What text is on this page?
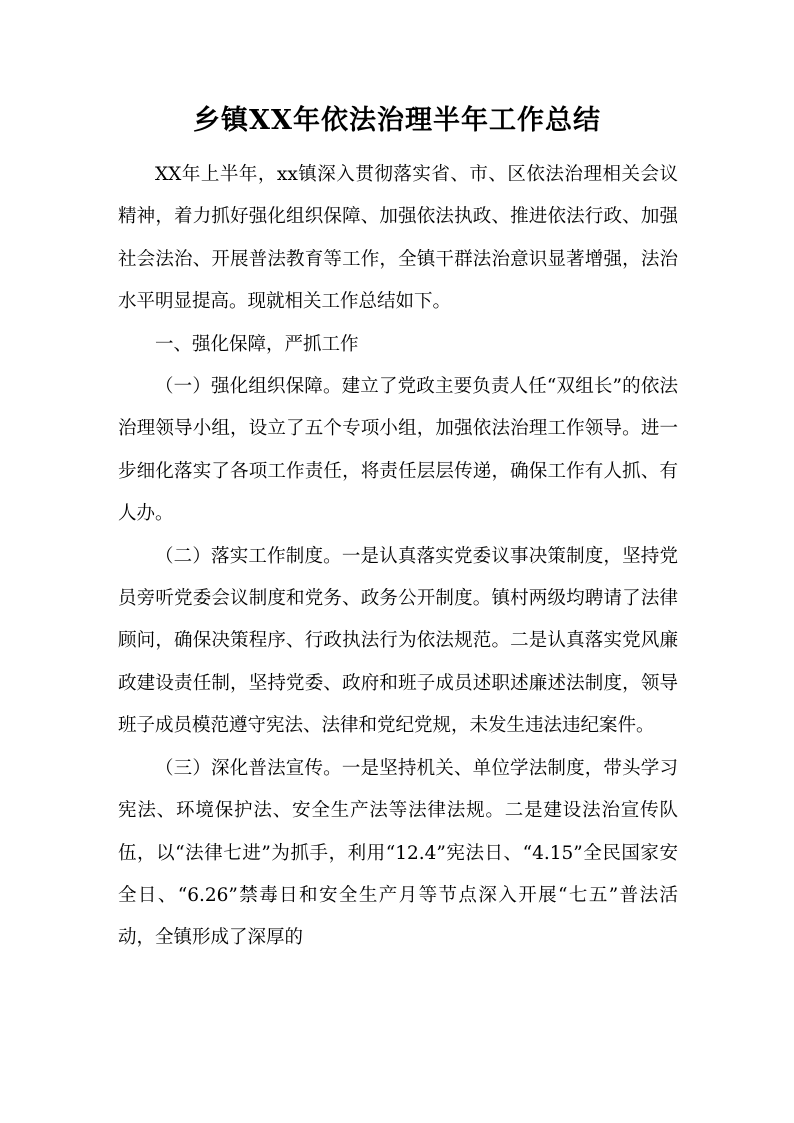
乡镇XX年依法治理半年工作总结

XX年上半年，xx镇深入贯彻落实省、市、区依法治理相关会议精神，着力抓好强化组织保障、加强依法执政、推进依法行政、加强社会法治、开展普法教育等工作，全镇干群法治意识显著增强，法治水平明显提高。现就相关工作总结如下。

一、强化保障，严抓工作

（一）强化组织保障。建立了党政主要负责人任“双组长”的依法治理领导小组，设立了五个专项小组，加强依法治理工作领导。进一步细化落实了各项工作责任，将责任层层传递，确保工作有人抓、有人办。

（二）落实工作制度。一是认真落实党委议事决策制度，坚持党员旁听党委会议制度和党务、政务公开制度。镇村两级均聘请了法律顾问，确保决策程序、行政执法行为依法规范。二是认真落实党风廉政建设责任制，坚持党委、政府和班子成员述职述廉述法制度，领导班子成员模范遵守宪法、法律和党纪党规，未发生违法违纪案件。

（三）深化普法宣传。一是坚持机关、单位学法制度，带头学习宪法、环境保护法、安全生产法等法律法规。二是建设法治宣传队伍，以“法律七进”为抓手，利用“12.4”宪法日、“4.15”全民国家安全日、“6.26”禁毒日和安全生产月等节点深入开展“七五”普法活动，全镇形成了深厚的
